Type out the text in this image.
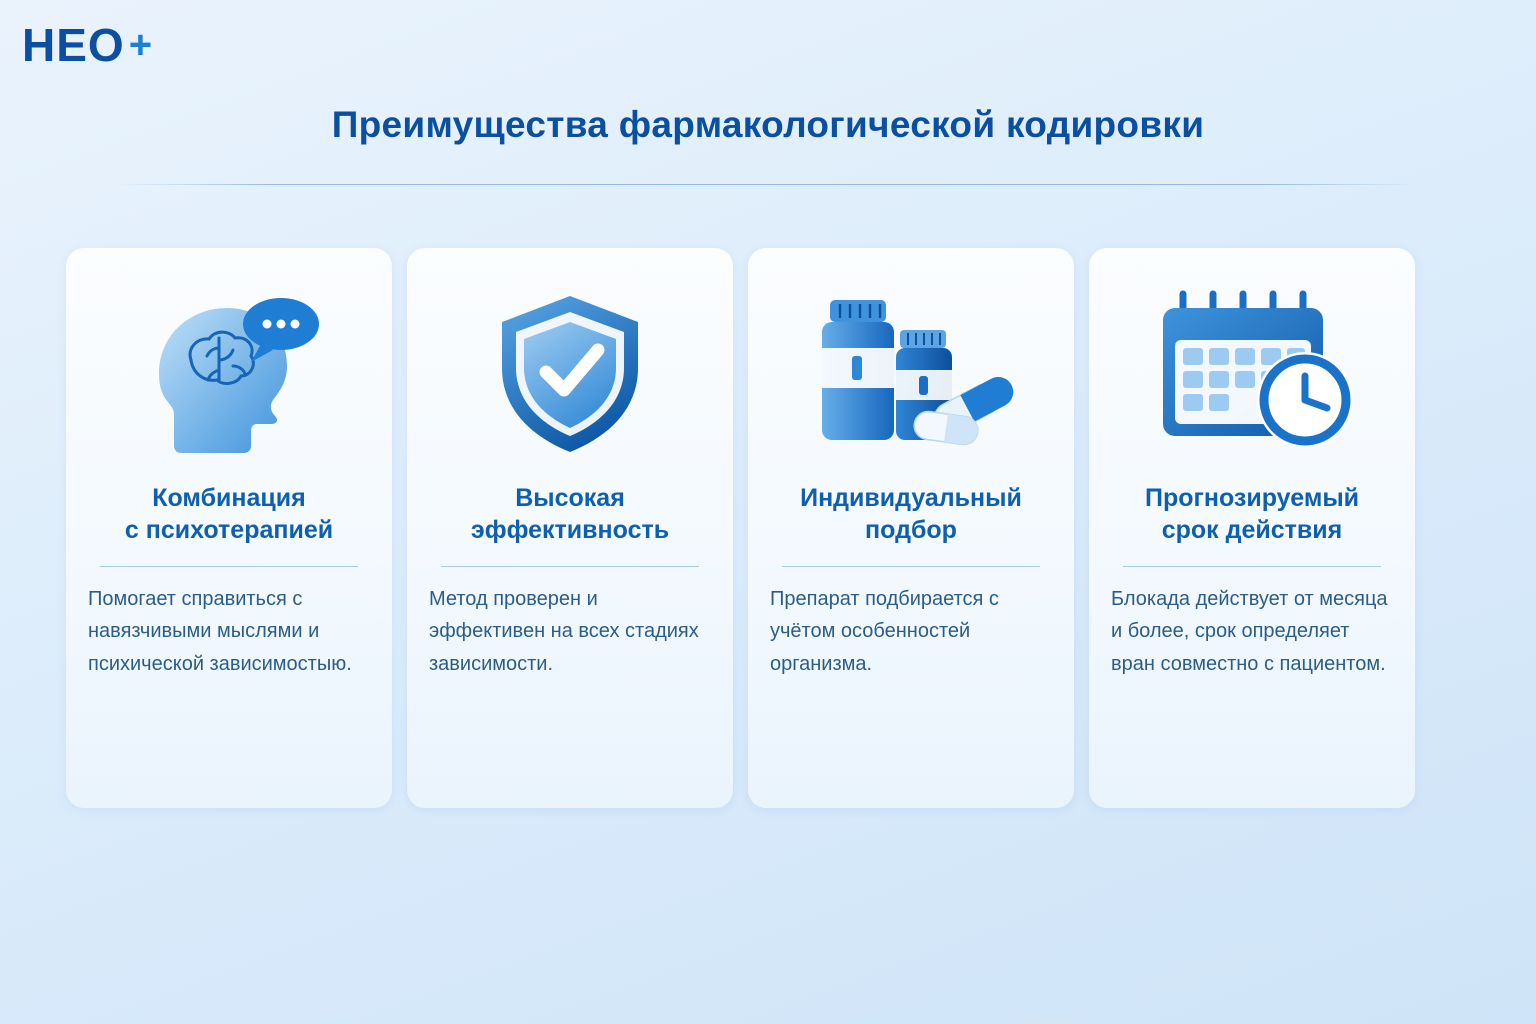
HEO +
Преимущества фармакологической кодировки
Комбинация
с психотерапией

Помогает справиться с навязчивыми мыслями и психической зависимостыю.

Высокая
эффективность

Метод проверен и эффективен на всех стадиях зависимости.

Индивидуальный
подбор

Препарат подбирается с учётом особенностей организма.

Прогнозируемый
срок действия

Блокада действует от месяца и более, срок определяет вран совместно с пациентом.
